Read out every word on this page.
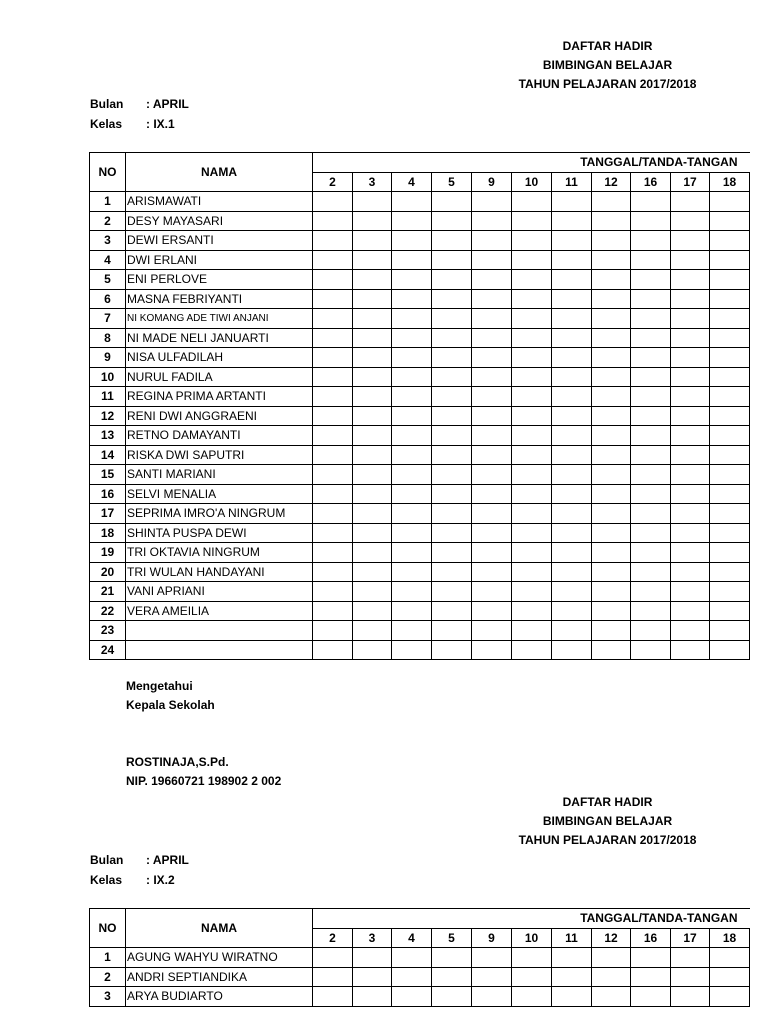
DAFTAR HADIR
BIMBINGAN BELAJAR
TAHUN PELAJARAN 2017/2018
Bulan : APRIL
Kelas : IX.1
NO	NAMA	TANGGAL/TANDA-TANGAN										
		2	3	4	5	9	10	11	12	16	17	18
1	ARISMAWATI											
2	DESY MAYASARI											
3	DEWI ERSANTI											
4	DWI ERLANI											
5	ENI PERLOVE											
6	MASNA FEBRIYANTI											
7	NI KOMANG ADE TIWI ANJANI											
8	NI MADE NELI JANUARTI											
9	NISA ULFADILAH											
10	NURUL FADILA											
11	REGINA PRIMA ARTANTI											
12	RENI DWI ANGGRAENI											
13	RETNO DAMAYANTI											
14	RISKA DWI SAPUTRI											
15	SANTI MARIANI											
16	SELVI MENALIA											
17	SEPRIMA IMRO'A NINGRUM											
18	SHINTA PUSPA DEWI											
19	TRI OKTAVIA NINGRUM											
20	TRI WULAN HANDAYANI											
21	VANI APRIANI											
22	VERA AMEILIA											
23												
24												
Mengetahui
Kepala Sekolah
ROSTINAJA,S.Pd.
NIP. 19660721 198902 2 002
DAFTAR HADIR
BIMBINGAN BELAJAR
TAHUN PELAJARAN 2017/2018
Bulan : APRIL
Kelas : IX.2
NO	NAMA	TANGGAL/TANDA-TANGAN										
		2	3	4	5	9	10	11	12	16	17	18
1	AGUNG WAHYU WIRATNO											
2	ANDRI SEPTIANDIKA											
3	ARYA BUDIARTO											
